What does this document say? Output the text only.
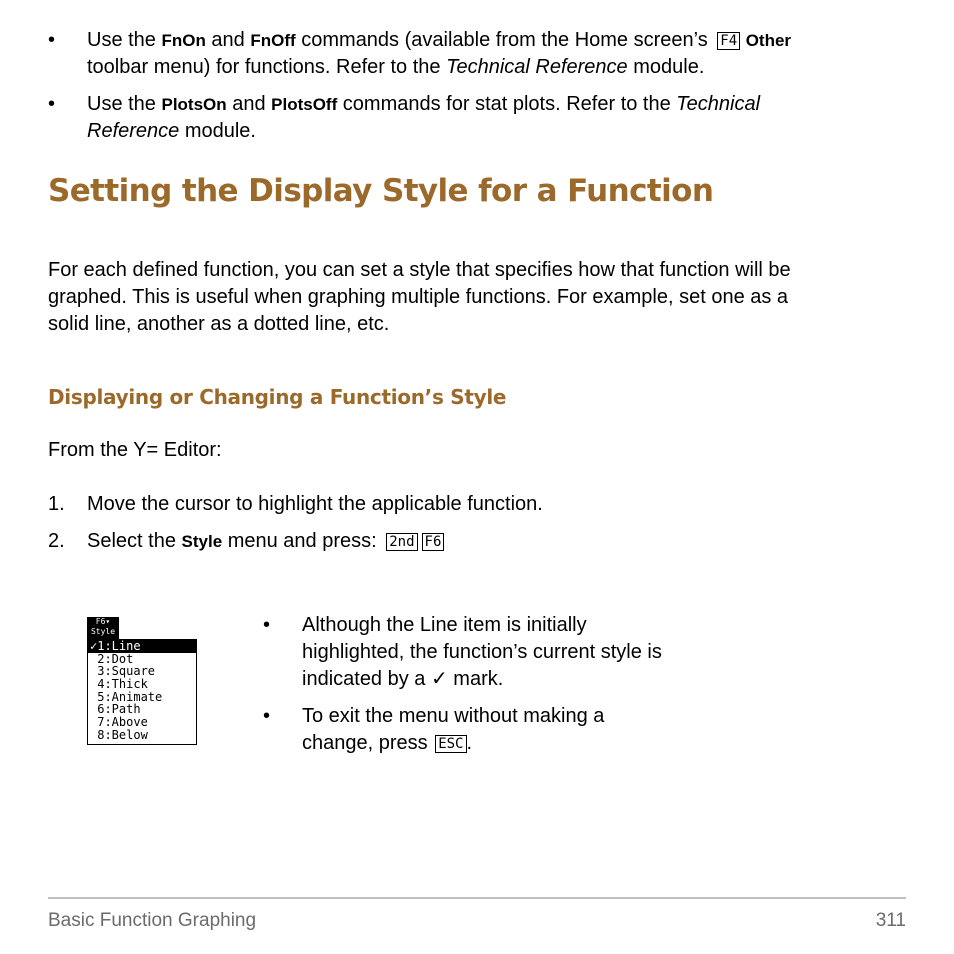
• Use the FnOn and FnOff commands (available from the Home screen’s F4 Other
toolbar menu) for functions. Refer to the Technical Reference module.
• Use the PlotsOn and PlotsOff commands for stat plots. Refer to the Technical
Reference module.
Setting the Display Style for a Function
For each defined function, you can set a style that specifies how that function will be
graphed. This is useful when graphing multiple functions. For example, set one as a
solid line, another as a dotted line, etc.
Displaying or Changing a Function’s Style
From the Y= Editor:
1. Move the cursor to highlight the applicable function.
2. Select the Style menu and press: 2nd F6
F6▾
Style
✓1:Line
2:Dot
3:Square
4:Thick
5:Animate
6:Path
7:Above
8:Below
• Although the Line item is initially
highlighted, the function’s current style is
indicated by a ✓ mark.
• To exit the menu without making a
change, press ESC .
Basic Function Graphing	311
